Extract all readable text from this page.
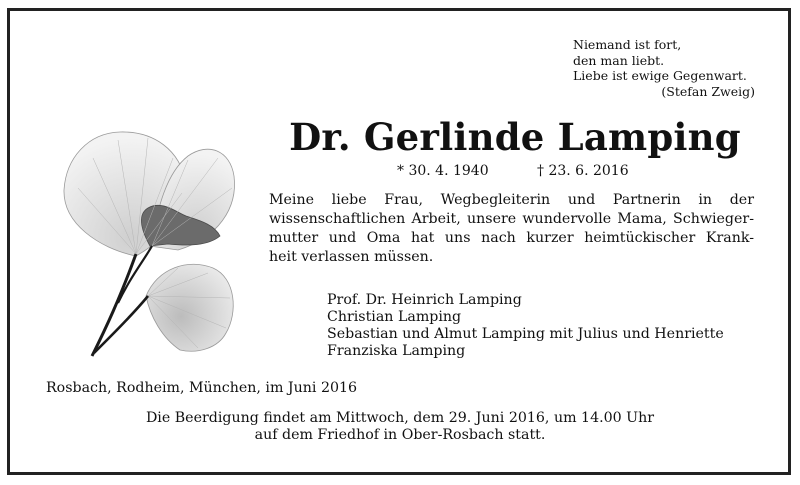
Niemand ist fort,
den man liebt.
Liebe ist ewige Gegenwart.
(Stefan Zweig)
Dr. Gerlinde Lamping
* 30. 4. 1940	† 23. 6. 2016
Meine liebe Frau, Wegbegleiterin und Partnerin in der
wissenschaftlichen Arbeit, unsere wundervolle Mama, Schwieger-
mutter und Oma hat uns nach kurzer heimtückischer Krank-
heit verlassen müssen.
Prof. Dr. Heinrich Lamping
Christian Lamping
Sebastian und Almut Lamping mit Julius und Henriette
Franziska Lamping
Rosbach, Rodheim, München, im Juni 2016
Die Beerdigung findet am Mittwoch, dem 29. Juni 2016, um 14.00 Uhr
auf dem Friedhof in Ober-Rosbach statt.
